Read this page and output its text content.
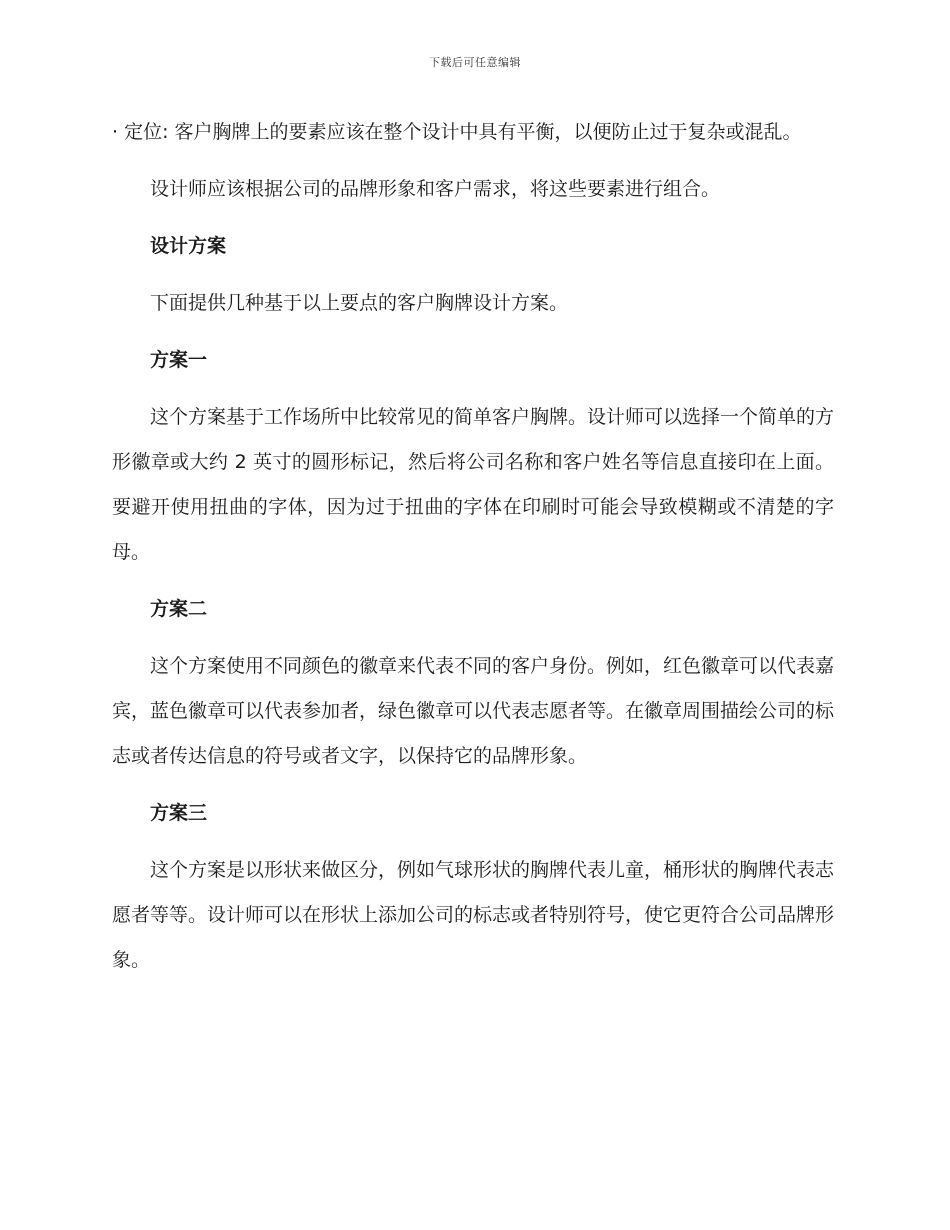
下载后可任意编辑

· 定位: 客户胸牌上的要素应该在整个设计中具有平衡，以便防止过于复杂或混乱。

设计师应该根据公司的品牌形象和客户需求，将这些要素进行组合。

设计方案

下面提供几种基于以上要点的客户胸牌设计方案。

方案一

这个方案基于工作场所中比较常见的简单客户胸牌。设计师可以选择一个简单的方形徽章或大约 2 英寸的圆形标记，然后将公司名称和客户姓名等信息直接印在上面。要避开使用扭曲的字体，因为过于扭曲的字体在印刷时可能会导致模糊或不清楚的字母。

方案二

这个方案使用不同颜色的徽章来代表不同的客户身份。例如，红色徽章可以代表嘉宾，蓝色徽章可以代表参加者，绿色徽章可以代表志愿者等。在徽章周围描绘公司的标志或者传达信息的符号或者文字，以保持它的品牌形象。

方案三

这个方案是以形状来做区分，例如气球形状的胸牌代表儿童，桶形状的胸牌代表志愿者等等。设计师可以在形状上添加公司的标志或者特别符号，使它更符合公司品牌形象。
